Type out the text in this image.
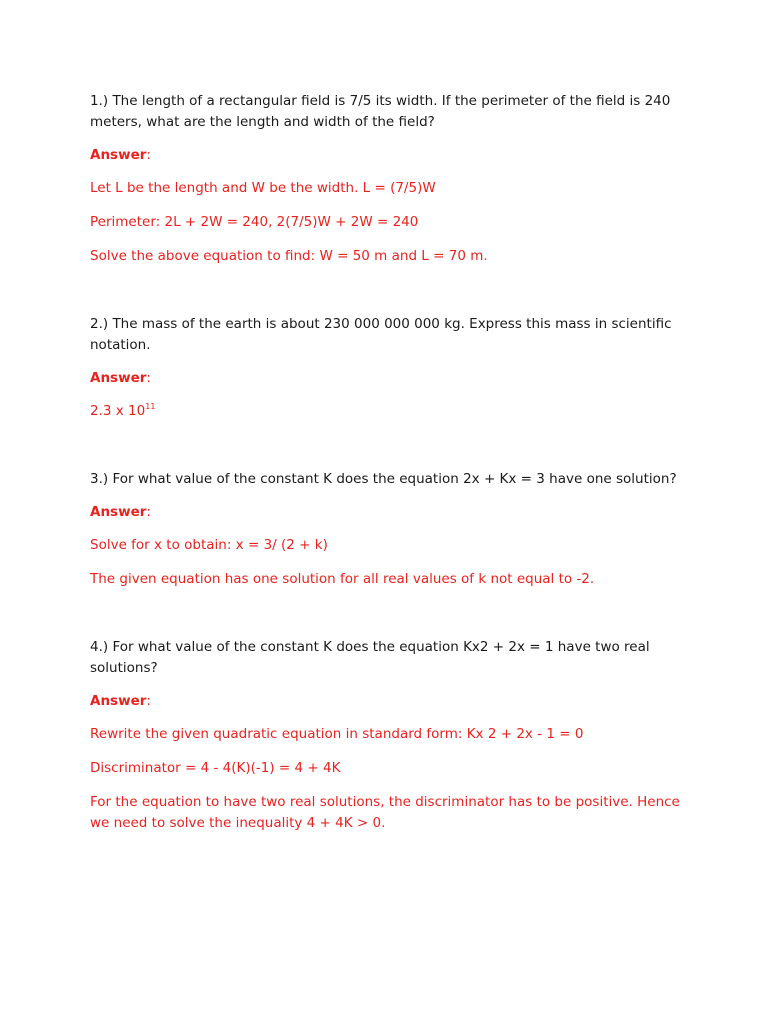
1.) The length of a rectangular field is 7/5 its width. If the perimeter of the field is 240 meters, what are the length and width of the field?

Answer:

Let L be the length and W be the width. L = (7/5)W

Perimeter: 2L + 2W = 240, 2(7/5)W + 2W = 240

Solve the above equation to find: W = 50 m and L = 70 m.

2.) The mass of the earth is about 230 000 000 000 kg. Express this mass in scientific notation.

Answer:

2.3 x $10^{11}$

3.) For what value of the constant K does the equation 2x + Kx = 3 have one solution?

Answer:

Solve for x to obtain: x = 3/ (2 + k)

The given equation has one solution for all real values of k not equal to -2.

4.) For what value of the constant K does the equation Kx2 + 2x = 1 have two real solutions?

Answer:

Rewrite the given quadratic equation in standard form: Kx 2 + 2x - 1 = 0

Discriminator = 4 - 4(K)(-1) = 4 + 4K

For the equation to have two real solutions, the discriminator has to be positive. Hence we need to solve the inequality 4 + 4K > 0.
